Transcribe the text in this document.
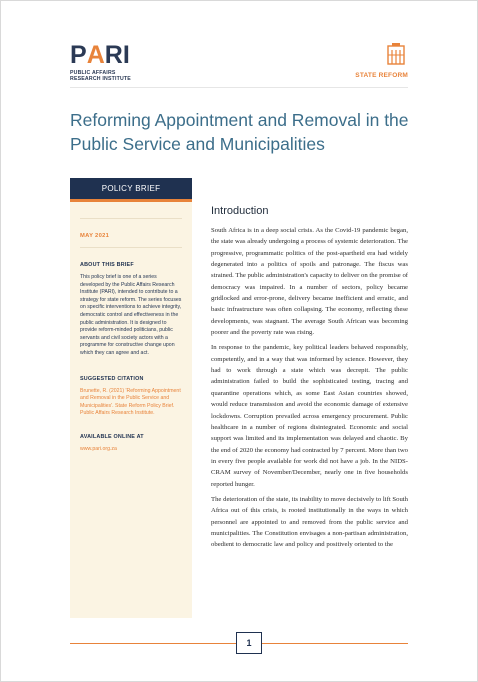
P A R I
PUBLIC AFFAIRS
RESEARCH INSTITUTE	STATE REFORM
Reforming Appointment and Removal in the Public Service and Municipalities
POLICY BRIEF
MAY 2021
ABOUT THIS BRIEF
This policy brief is one of a series developed by the Public Affairs Research Institute (PARI), intended to contribute to a strategy for state reform. The series focuses on specific interventions to achieve integrity, democratic control and effectiveness in the public administration. It is designed to provide reform-minded politicians, public servants and civil society actors with a programme for constructive change upon which they can agree and act.
SUGGESTED CITATION
Brunette, R. (2021) 'Reforming Appointment and Removal in the Public Service and Municipalities'. State Reform Policy Brief. Public Affairs Research Institute.
AVAILABLE ONLINE AT
www.pari.org.za
Introduction

South Africa is in a deep social crisis. As the Covid-19 pandemic began, the state was already undergoing a process of systemic deterioration. The progressive, programmatic politics of the post-apartheid era had widely degenerated into a politics of spoils and patronage. The fiscus was strained. The public administration's capacity to deliver on the promise of democracy was impaired. In a number of sectors, policy became gridlocked and error-prone, delivery became inefficient and erratic, and basic infrastructure was often collapsing. The economy, reflecting these developments, was stagnant. The average South African was becoming poorer and the poverty rate was rising.

In response to the pandemic, key political leaders behaved responsibly, competently, and in a way that was informed by science. However, they had to work through a state which was decrepit. The public administration failed to build the sophisticated testing, tracing and quarantine operations which, as some East Asian countries showed, would reduce transmission and avoid the economic damage of extensive lockdowns. Corruption prevailed across emergency procurement. Public healthcare in a number of regions disintegrated. Economic and social support was limited and its implementation was delayed and chaotic. By the end of 2020 the economy had contracted by 7 percent. More than two in every five people available for work did not have a job. In the NIDS-CRAM survey of November/December, nearly one in five households reported hunger.

The deterioration of the state, its inability to move decisively to lift South Africa out of this crisis, is rooted institutionally in the ways in which personnel are appointed to and removed from the public service and municipalities. The Constitution envisages a non-partisan administration, obedient to democratic law and policy and positively oriented to the

1
